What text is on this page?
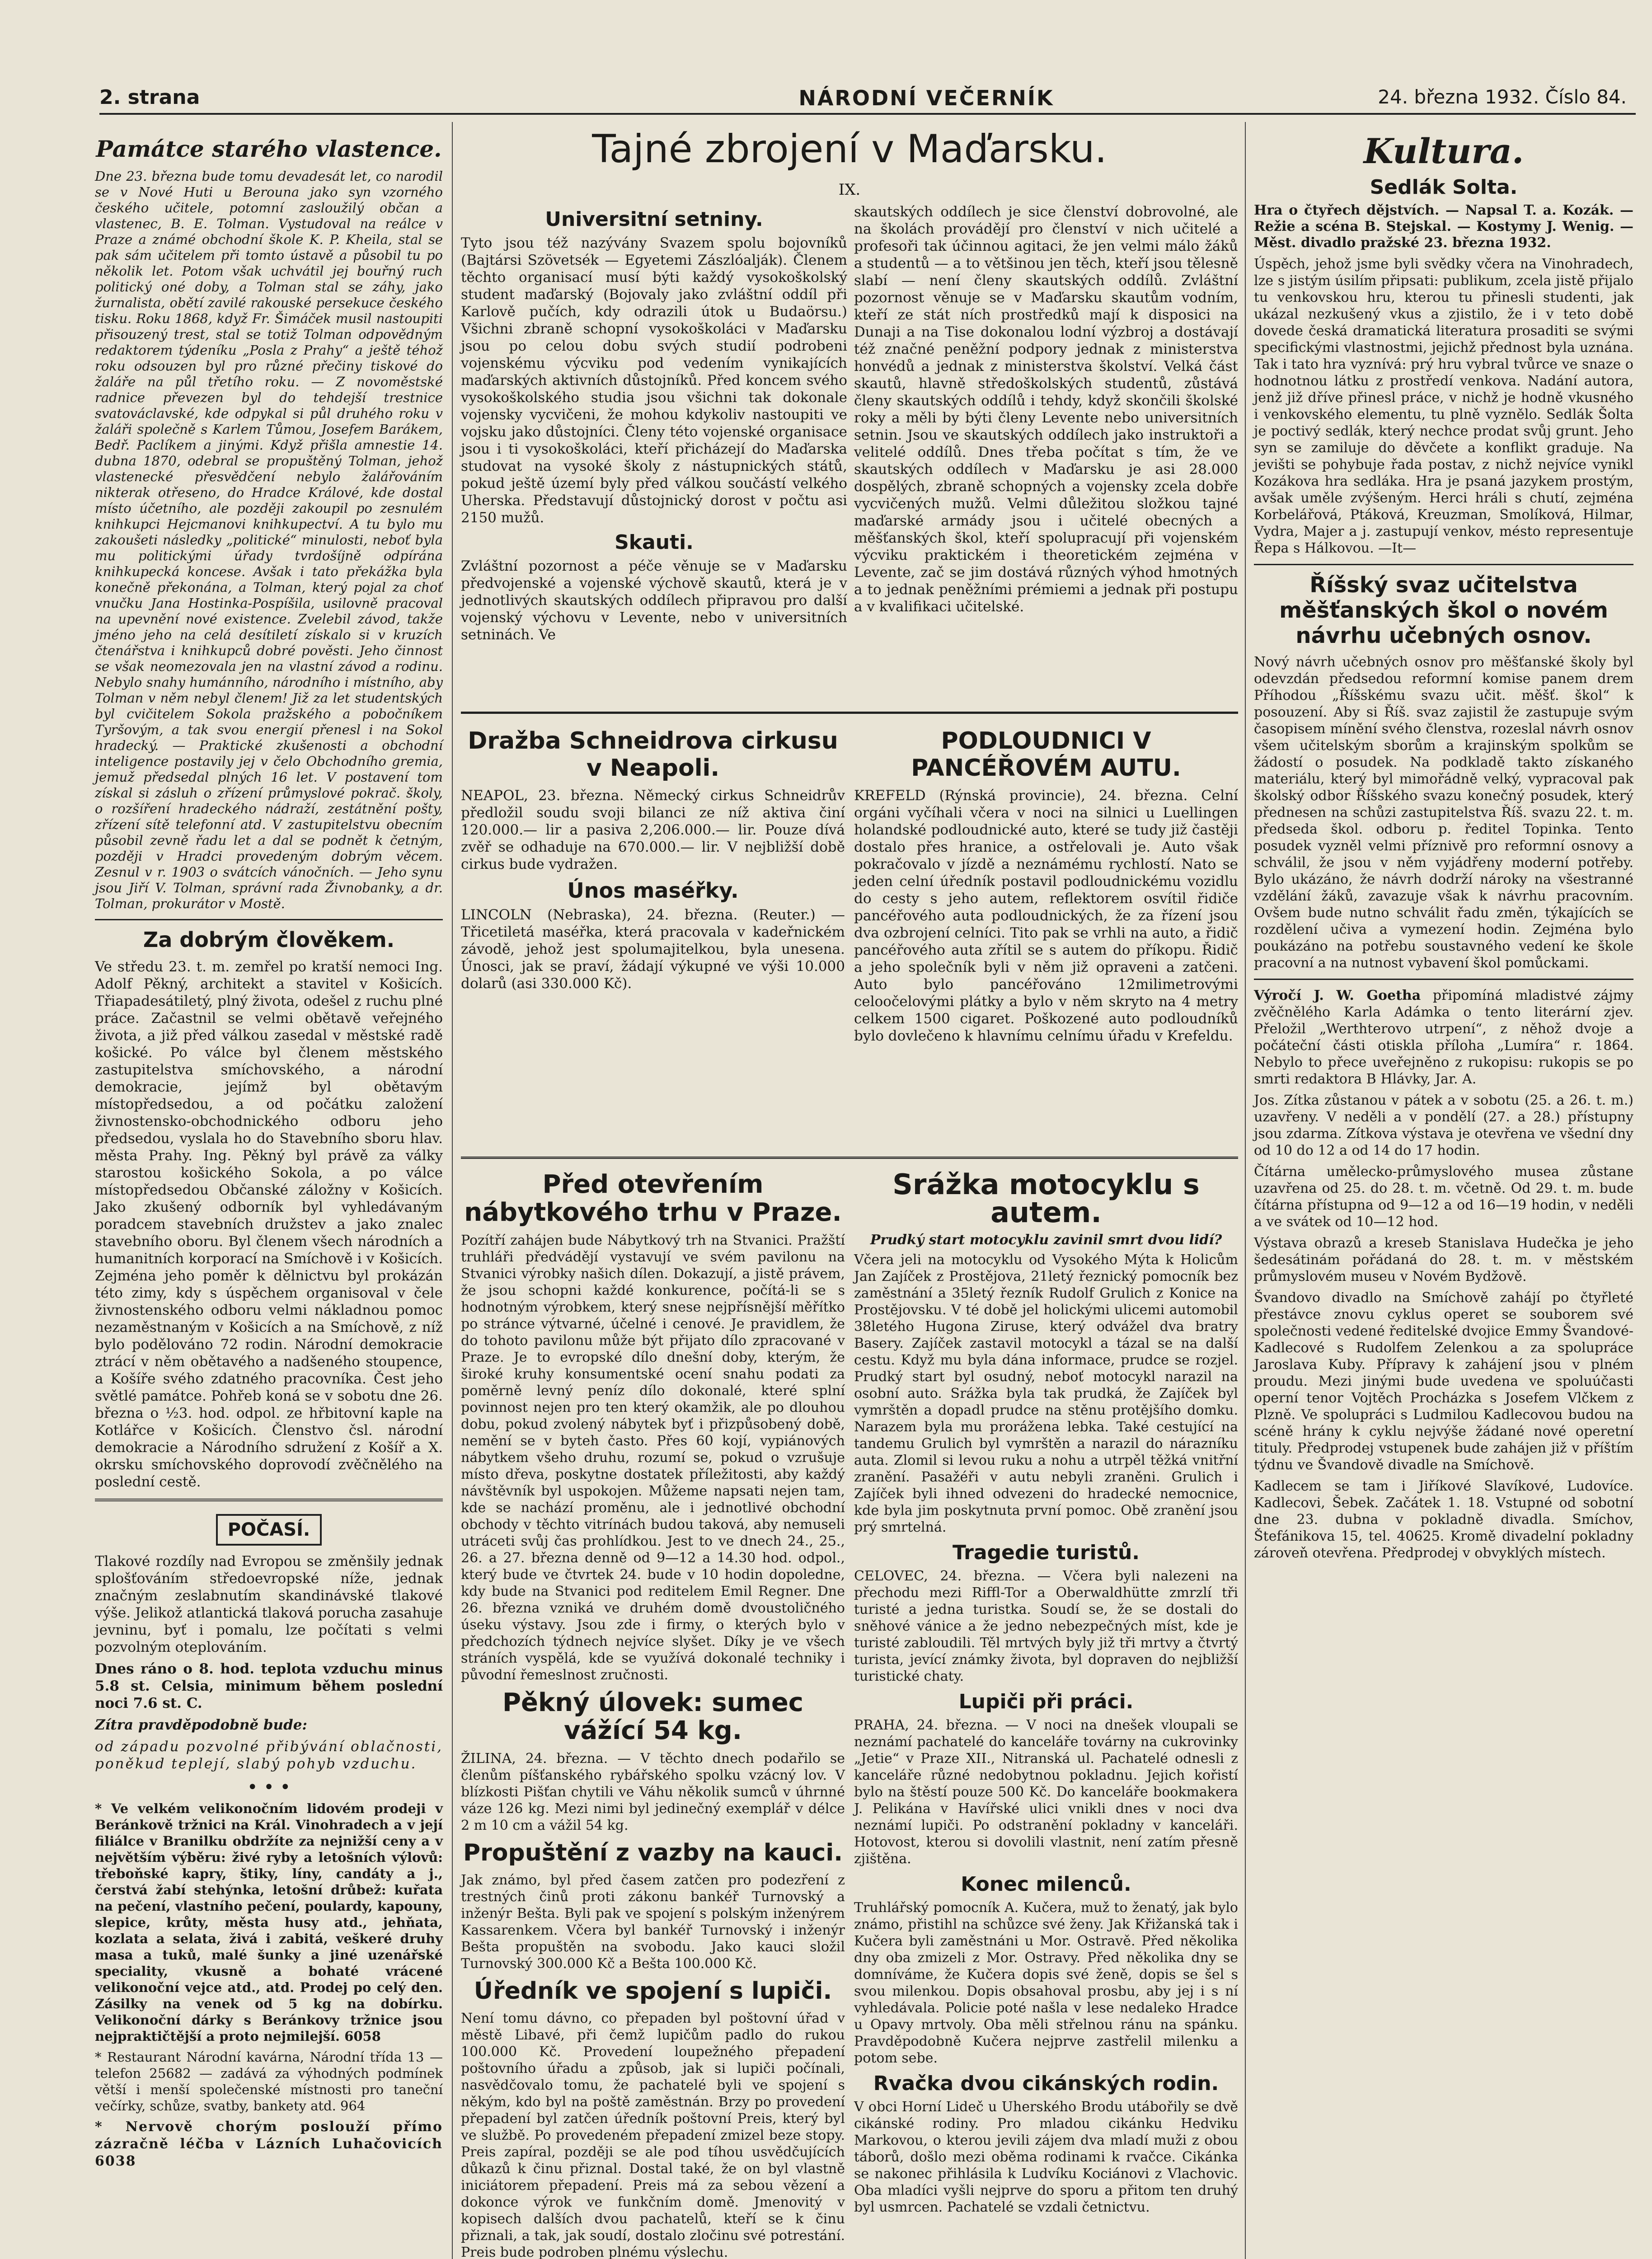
2. strana	NÁRODNÍ VEČERNÍK	24. března 1932. Číslo 84.
Památce starého vlastence.

Dne 23. března bude tomu devadesát let, co narodil se v Nové Huti u Berouna jako syn vzorného českého učitele, potomní zasloužilý občan a vlastenec, B. E. Tolman. Vystudoval na reálce v Praze a známé obchodní škole K. P. Kheila, stal se pak sám učitelem při tomto ústavě a působil tu po několik let. Potom však uchvátil jej bouřný ruch politický oné doby, a Tolman stal se záhy, jako žurnalista, obětí zavilé rakouské persekuce českého tisku. Roku 1868, když Fr. Šimáček musil nastoupiti přisouzený trest, stal se totiž Tolman odpovědným redaktorem týdeníku „Posla z Prahy“ a ještě téhož roku odsouzen byl pro různé přečiny tiskové do žaláře na půl třetího roku. — Z novoměstské radnice převezen byl do tehdejší trestnice svatováclavské, kde odpykal si půl druhého roku v žaláři společně s Karlem Tůmou, Josefem Barákem, Bedř. Paclíkem a jinými. Když přišla amnestie 14. dubna 1870, odebral se propuštěný Tolman, jehož vlastenecké přesvědčení nebylo žalářováním nikterak otřeseno, do Hradce Králové, kde dostal místo účetního, ale později zakoupil po zesnulém knihkupci Hejcmanovi knihkupectví. A tu bylo mu zakoušeti následky „politické“ minulosti, neboť byla mu politickými úřady tvrdošíjně odpírána knihkupecká koncese. Avšak i tato překážka byla konečně překonána, a Tolman, který pojal za choť vnučku Jana Hostinka-Pospíšila, usilovně pracoval na upevnění nové existence. Zvelebil závod, takže jméno jeho na celá desítiletí získalo si v kruzích čtenářstva i knihkupců dobré pověsti. Jeho činnost se však neomezovala jen na vlastní závod a rodinu. Nebylo snahy humánního, národního i místního, aby Tolman v něm nebyl členem! Již za let studentských byl cvičitelem Sokola pražského a pobočníkem Tyršovým, a tak svou energií přenesl i na Sokol hradecký. — Praktické zkušenosti a obchodní inteligence postavily jej v čelo Obchodního gremia, jemuž předsedal plných 16 let. V postavení tom získal si zásluh o zřízení průmyslové pokrač. školy, o rozšíření hradeckého nádraží, zestátnění pošty, zřízení sítě telefonní atd. V zastupitelstvu obecním působil zevně řadu let a dal se podnět k četným, později v Hradci provedeným dobrým věcem. Zesnul v r. 1903 o svátcích vánočních. — Jeho synu jsou Jiří V. Tolman, správní rada Živnobanky, a dr. Tolman, prokurátor v Mostě.

Za dobrým člověkem.

Ve středu 23. t. m. zemřel po kratší nemoci Ing. Adolf Pěkný, architekt a stavitel v Košicích. Třiapadesátiletý, plný života, odešel z ruchu plné práce. Začastnil se velmi obětavě veřejného života, a již před válkou zasedal v městské radě košické. Po válce byl členem městského zastupitelstva smíchovského, a národní demokracie, jejímž byl obětavým místopředsedou, a od počátku založení živnostensko-obchodnického odboru jeho předsedou, vyslala ho do Stavebního sboru hlav. města Prahy. Ing. Pěkný byl právě za války starostou košického Sokola, a po válce místopředsedou Občanské záložny v Košicích. Jako zkušený odborník byl vyhledávaným poradcem stavebních družstev a jako znalec stavebního oboru. Byl členem všech národních a humanitních korporací na Smíchově i v Košicích. Zejména jeho poměr k dělnictvu byl prokázán této zimy, kdy s úspěchem organisoval v čele živnostenského odboru velmi nákladnou pomoc nezaměstnaným v Košicích a na Smíchově, z níž bylo podělováno 72 rodin. Národní demokracie ztrácí v něm obětavého a nadšeného stoupence, a Košíře svého zdatného pracovníka. Čest jeho světlé památce. Pohřeb koná se v sobotu dne 26. března o ½3. hod. odpol. ze hřbitovní kaple na Kotlářce v Košicích. Členstvo čsl. národní demokracie a Národního sdružení z Košíř a X. okrsku smíchovského doprovodí zvěčnělého na poslední cestě.

POČASÍ.

Tlakové rozdíly nad Evropou se změnšily jednak splošťováním středoevropské níže, jednak značným zeslabnutím skandinávské tlakové výše. Jelikož atlantická tlaková porucha zasahuje jevninu, byť i pomalu, lze počítati s velmi pozvolným oteplováním.

Dnes ráno o 8. hod. teplota vzduchu minus 5.8 st. Celsia, minimum během poslední noci 7.6 st. C.

Zítra pravděpodobně bude:

od západu pozvolné přibývání oblačnosti, poněkud teplejí, slabý pohyb vzduchu.

• • •

* Ve velkém velikonočním lidovém prodeji v Beránkově tržnici na Král. Vinohradech a v její filiálce v Branilku obdržíte za nejnižší ceny a v největším výběru: živé ryby a letošních výlovů: třeboňské kapry, štiky, líny, candáty a j., čerstvá žabí stehýnka, letošní drůbež: kuřata na pečení, vlastního pečení, poulardy, kapouny, slepice, krůty, města husy atd., jehňata, kozlata a selata, živá i zabitá, veškeré druhy masa a tuků, malé šunky a jiné uzenářské speciality, vkusně a bohaté vrácené velikonoční vejce atd., atd. Prodej po celý den. Zásilky na venek od 5 kg na dobírku. Velikonoční dárky s Beránkovy tržnice jsou nejpraktičtější a proto nejmilejší. 6058

* Restaurant Národní kavárna, Národní třída 13 — telefon 25682 — zadává za výhodných podmínek větší i menší společenské místnosti pro taneční večírky, schůze, svatby, bankety atd. 964

* Nervově chorým poslouží přímo zázračně léčba v Lázních Luhačovicích 6038

Tajné zbrojení v Maďarsku.
IX.
Universitní setniny.

Tyto jsou též nazývány Svazem spolu bojovníků (Bajtársi Szövetsék — Egyetemi Zászlóalják). Členem těchto organisací musí býti každý vysokoškolský student maďarský (Bojovaly jako zvláštní oddíl při Karlově pučích, kdy odrazili útok u Budaörsu.) Všichni zbraně schopní vysokoškoláci v Maďarsku jsou po celou dobu svých studií podrobeni vojenskému výcviku pod vedením vynikajících maďarských aktivních důstojníků. Před koncem svého vysokoškolského studia jsou všichni tak dokonale vojensky vycvičeni, že mohou kdykoliv nastoupiti ve vojsku jako důstojníci. Členy této vojenské organisace jsou i ti vysokoškoláci, kteří přicházejí do Maďarska studovat na vysoké školy z nástupnických států, pokud ještě území byly před válkou součástí velkého Uherska. Představují důstojnický dorost v počtu asi 2150 mužů.

Skauti.

Zvláštní pozornost a péče věnuje se v Maďarsku předvojenské a vojenské výchově skautů, která je v jednotlivých skautských oddílech připravou pro další vojenský výchovu v Levente, nebo v universitních setninách. Ve

skautských oddílech je sice členství dobrovolné, ale na školách provádějí pro členství v nich učitelé a profesoři tak účinnou agitaci, že jen velmi málo žáků a studentů — a to většinou jen těch, kteří jsou tělesně slabí — není členy skautských oddílů. Zvláštní pozornost věnuje se v Maďarsku skautům vodním, kteří ze stát ních prostředků mají k disposici na Dunaji a na Tise dokonalou lodní výzbroj a dostávají též značné peněžní podpory jednak z ministerstva honvédů a jednak z ministerstva školství. Velká část skautů, hlavně středoškolských studentů, zůstává členy skautských oddílů i tehdy, když skončili školské roky a měli by býti členy Levente nebo universitních setnin. Jsou ve skautských oddílech jako instruktoři a velitelé oddílů. Dnes třeba počítat s tím, že ve skautských oddílech v Maďarsku je asi 28.000 dospělých, zbraně schopných a vojensky zcela dobře vycvičených mužů. Velmi důležitou složkou tajné maďarské armády jsou i učitelé obecných a měšťanských škol, kteří spolupracují při vojenském výcviku praktickém i theoretickém zejména v Levente, zač se jim dostává různých výhod hmotných a to jednak peněžními prémiemi a jednak při postupu a v kvalifikaci učitelské.

Dražba Schneidrova cirkusu v Neapoli.

NEAPOL, 23. března. Německý cirkus Schneidrův předložil soudu svoji bilanci ze níž aktiva činí 120.000.— lir a pasiva 2,206.000.— lir. Pouze dívá zvěř se odhaduje na 670.000.— lir. V nejbližší době cirkus bude vydražen.

Únos maséřky.

LINCOLN (Nebraska), 24. března. (Reuter.) — Třicetiletá maséřka, která pracovala v kadeřnickém závodě, jehož jest spolumajitelkou, byla unesena. Únosci, jak se praví, žádají výkupné ve výši 10.000 dolarů (asi 330.000 Kč).

PODLOUDNICI V PANCÉŘOVÉM AUTU.

KREFELD (Rýnská provincie), 24. března. Celní orgáni vyčíhali včera v noci na silnici u Luellingen holandské podloudnické auto, které se tudy již častěji dostalo přes hranice, a ostřelovali je. Auto však pokračovalo v jízdě a neznámému rychlostí. Nato se jeden celní úředník postavil podloudnickému vozidlu do cesty s jeho autem, reflektorem osvítil řidiče pancéřového auta podloudnických, že za řízení jsou dva ozbrojení celníci. Tito pak se vrhli na auto, a řidič pancéřového auta zřítil se s autem do příkopu. Řidič a jeho společník byli v něm již opraveni a zatčeni. Auto bylo pancéřováno 12milimetrovými celoočelovými plátky a bylo v něm skryto na 4 metry celkem 1500 cigaret. Poškozené auto podloudníků bylo dovlečeno k hlavnímu celnímu úřadu v Krefeldu.

Před otevřením nábytkového trhu v Praze.

Pozítří zahájen bude Nábytkový trh na Stvanici. Pražští truhláři předvádějí vystavují ve svém pavilonu na Stvanici výrobky našich dílen. Dokazují, a jistě právem, že jsou schopni každé konkurence, počítá-li se s hodnotným výrobkem, který snese nejpřísnější měřítko po stránce výtvarné, účelné i cenové. Je pravidlem, že do tohoto pavilonu může být přijato dílo zpracované v Praze. Je to evropské dílo dnešní doby, kterým, že široké kruhy konsumentské ocení snahu podati za poměrně levný peníz dílo dokonalé, které splní povinnost nejen pro ten který okamžik, ale po dlouhou dobu, pokud zvolený nábytek byť i přizpůsobený době, nemění se v byteh často. Přes 60 kojí, vypiánových nábytkem všeho druhu, rozumí se, pokud o vzrušuje místo dřeva, poskytne dostatek příležitosti, aby každý návštěvník byl uspokojen. Můžeme napsati nejen tam, kde se nachází proměnu, ale i jednotlivé obchodní obchody v těchto vitrínách budou taková, aby nemuseli utráceti svůj čas prohlídkou. Jest to ve dnech 24., 25., 26. a 27. března denně od 9—12 a 14.30 hod. odpol., který bude ve čtvrtek 24. bude v 10 hodin dopoledne, kdy bude na Stvanici pod reditelem Emil Regner. Dne 26. března vzniká ve druhém domě dvoustoličného úseku výstavy. Jsou zde i firmy, o kterých bylo v předchozích týdnech nejvíce slyšet. Díky je ve všech stráních vyspělá, kde se využívá dokonalé techniky i původní řemeslnost zručnosti.

Pěkný úlovek: sumec vážící 54 kg.

ŽILINA, 24. března. — V těchto dnech podařilo se členům píšťanského rybářského spolku vzácný lov. V blízkosti Pišťan chytili ve Váhu několik sumců v úhrnné váze 126 kg. Mezi nimi byl jedinečný exemplář v délce 2 m 10 cm a vážil 54 kg.

Propuštění z vazby na kauci.

Jak známo, byl před časem zatčen pro podezření z trestných činů proti zákonu bankéř Turnovský a inženýr Bešta. Byli pak ve spojení s polským inženýrem Kassarenkem. Včera byl bankéř Turnovský i inženýr Bešta propuštěn na svobodu. Jako kauci složil Turnovský 300.000 Kč a Bešta 100.000 Kč.

Úředník ve spojení s lupiči.

Není tomu dávno, co přepaden byl poštovní úřad v městě Libavé, při čemž lupičům padlo do rukou 100.000 Kč. Provedení loupežného přepadení poštovního úřadu a způsob, jak si lupiči počínali, nasvědčovalo tomu, že pachatelé byli ve spojení s někým, kdo byl na poště zaměstnán. Brzy po provedení přepadení byl zatčen úředník poštovní Preis, který byl ve službě. Po provedeném přepadení zmizel beze stopy. Preis zapíral, později se ale pod tíhou usvědčujících důkazů k činu přiznal. Dostal také, že on byl vlastně iniciátorem přepadení. Preis má za sebou vězení a dokonce výrok ve funkčním domě. Jmenovitý v kopisech dalších dvou pachatelů, kteří se k činu přiznali, a tak, jak soudí, dostalo zločinu své potrestání. Preis bude podroben plnému výslechu.

Srážka motocyklu s autem.

Prudký start motocyklu zavinil smrt dvou lidí?

Včera jeli na motocyklu od Vysokého Mýta k Holicům Jan Zajíček z Prostějova, 21letý řeznický pomocník bez zaměstnání a 35letý řezník Rudolf Grulich z Konice na Prostějovsku. V té době jel holickými ulicemi automobil 38letého Hugona Ziruse, který odvážel dva bratry Basery. Zajíček zastavil motocykl a tázal se na další cestu. Když mu byla dána informace, prudce se rozjel. Prudký start byl osudný, neboť motocykl narazil na osobní auto. Srážka byla tak prudká, že Zajíček byl vymrštěn a dopadl prudce na stěnu protějšího domku. Narazem byla mu prorážena lebka. Také cestující na tandemu Grulich byl vymrštěn a narazil do nárazníku auta. Zlomil si levou ruku a nohu a utrpěl těžká vnitřní zranění. Pasažéři v autu nebyli zraněni. Grulich i Zajíček byli ihned odvezeni do hradecké nemocnice, kde byla jim poskytnuta první pomoc. Obě zranění jsou prý smrtelná.

Tragedie turistů.

CELOVEC, 24. března. — Včera byli nalezeni na přechodu mezi Riffl-Tor a Oberwaldhütte zmrzlí tři turisté a jedna turistka. Soudí se, že se dostali do sněhové vánice a že jedno nebezpečných míst, kde je turisté zabloudili. Těl mrtvých byly již tři mrtvy a čtvrtý turista, jevící známky života, byl dopraven do nejbližší turistické chaty.

Lupiči při práci.

PRAHA, 24. března. — V noci na dnešek vloupali se neznámí pachatelé do kanceláře továrny na cukrovinky „Jetie“ v Praze XII., Nitranská ul. Pachatelé odnesli z kanceláře různé nedobytnou pokladnu. Jejich kořistí bylo na štěstí pouze 500 Kč. Do kanceláře bookmakera J. Pelikána v Havířské ulici vnikli dnes v noci dva neznámí lupiči. Po odstranění pokladny v kanceláři. Hotovost, kterou si dovolili vlastnit, není zatím přesně zjištěna.

Konec milenců.

Truhlářský pomocník A. Kučera, muž to ženatý, jak bylo známo, přistihl na schůzce své ženy. Jak Křižanská tak i Kučera byli zaměstnáni u Mor. Ostravě. Před několika dny oba zmizeli z Mor. Ostravy. Před několika dny se domníváme, že Kučera dopis své ženě, dopis se šel s svou milenkou. Dopis obsahoval prosbu, aby jej i s ní vyhledávala. Policie poté našla v lese nedaleko Hradce u Opavy mrtvoly. Oba měli střelnou ránu na spánku. Pravděpodobně Kučera nejprve zastřelil milenku a potom sebe.

Rvačka dvou cikánských rodin.

V obci Horní Lideč u Uherského Brodu utábořily se dvě cikánské rodiny. Pro mladou cikánku Hedviku Markovou, o kterou jevili zájem dva mladí muži z obou táborů, došlo mezi oběma rodinami k rvačce. Cikánka se nakonec přihlásila k Ludvíku Kociánovi z Vlachovic. Oba mladíci vyšli nejprve do sporu a přitom ten druhý byl usmrcen. Pachatelé se vzdali četnictvu.

Kultura.
Sedlák Solta.

Hra o čtyřech dějstvích. — Napsal T. a. Kozák. — Režie a scéna B. Stejskal. — Kostymy J. Wenig. — Měst. divadlo pražské 23. března 1932.

Úspěch, jehož jsme byli svědky včera na Vinohradech, lze s jistým úsilím připsati: publikum, zcela jistě přijalo tu venkovskou hru, kterou tu přinesli studenti, jak ukázal nezkušený vkus a zjistilo, že i v teto době dovede česká dramatická literatura prosaditi se svými specifickými vlastnostmi, jejichž přednost byla uznána. Tak i tato hra vyznívá: prý hru vybral tvůrce ve snaze o hodnotnou látku z prostředí venkova. Nadání autora, jenž již dříve přinesl práce, v nichž je hodně vkusného i venkovského elementu, tu plně vyznělo. Sedlák Šolta je poctivý sedlák, který nechce prodat svůj grunt. Jeho syn se zamiluje do děvčete a konflikt graduje. Na jevišti se pohybuje řada postav, z nichž nejvíce vynikl Kozákova hra sedláka. Hra je psaná jazykem prostým, avšak uměle zvýšeným. Herci hráli s chutí, zejména Korbelářová, Ptáková, Kreuzman, Smolíková, Hilmar, Vydra, Majer a j. zastupují venkov, mésto representuje Řepa s Hálkovou. —It—

Říšský svaz učitelstva měšťanských škol o novém návrhu učebných osnov.

Nový návrh učebných osnov pro měšťanské školy byl odevzdán předsedou reformní komise panem drem Příhodou „Říšskému svazu učit. měšť. škol“ k posouzení. Aby si Říš. svaz zajistil že zastupuje svým časopisem mínění svého členstva, rozeslal návrh osnov všem učitelským sborům a krajinským spolkům se žádostí o posudek. Na podkladě takto získaného materiálu, který byl mimořádně velký, vypracoval pak školský odbor Říšského svazu konečný posudek, který přednesen na schůzi zastupitelstva Říš. svazu 22. t. m. předseda škol. odboru p. ředitel Topinka. Tento posudek vyzněl velmi příznivě pro reformní osnovy a schválil, že jsou v něm vyjádřeny moderní potřeby. Bylo ukázáno, že návrh dodrží nároky na všestranné vzdělání žáků, zavazuje však k návrhu pracovním. Ovšem bude nutno schválit řadu změn, týkajících se rozdělení učiva a vymezení hodin. Zejména bylo poukázáno na potřebu soustavného vedení ke škole pracovní a na nutnost vybavení škol pomůckami.

Výročí J. W. Goetha připomíná mladistvé zájmy zvěčnělého Karla Adámka o tento literární zjev. Přeložil „Werthterovo utrpení“, z něhož dvoje a počáteční části otiskla příloha „Lumíra“ r. 1864. Nebylo to přece uveřejněno z rukopisu: rukopis se po smrti redaktora B Hlávky, Jar. A.

Jos. Zítka zůstanou v pátek a v sobotu (25. a 26. t. m.) uzavřeny. V neděli a v pondělí (27. a 28.) přístupny jsou zdarma. Zítkova výstava je otevřena ve všední dny od 10 do 12 a od 14 do 17 hodin.

Čítárna umělecko-průmyslového musea zůstane uzavřena od 25. do 28. t. m. včetně. Od 29. t. m. bude čítárna přístupna od 9—12 a od 16—19 hodin, v neděli a ve svátek od 10—12 hod.

Výstava obrazů a kreseb Stanislava Hudečka je jeho šedesátinám pořádaná do 28. t. m. v městském průmyslovém museu v Novém Bydžově.

Švandovo divadlo na Smíchově zahájí po čtyřleté přestávce znovu cyklus operet se souborem své společnosti vedené ředitelské dvojice Emmy Švandové-Kadlecové s Rudolfem Zelenkou a za spolupráce Jaroslava Kuby. Přípravy k zahájení jsou v plném proudu. Mezi jinými bude uvedena ve spoluúčasti operní tenor Vojtěch Procházka s Josefem Vlčkem z Plzně. Ve spolupráci s Ludmilou Kadlecovou budou na scéně hrány k cyklu nejvýše žádané nové operetní tituly. Předprodej vstupenek bude zahájen již v příštím týdnu ve Švandově divadle na Smíchově.

Kadlecem se tam i Jiříkové Slavíkové, Ludovíce. Kadlecovi, Šebek. Začátek 1. 18. Vstupné od sobotní dne 23. dubna v pokladně divadla. Smíchov, Štefánikova 15, tel. 40625. Kromě divadelní pokladny zároveň otevřena. Předprodej v obvyklých místech.
